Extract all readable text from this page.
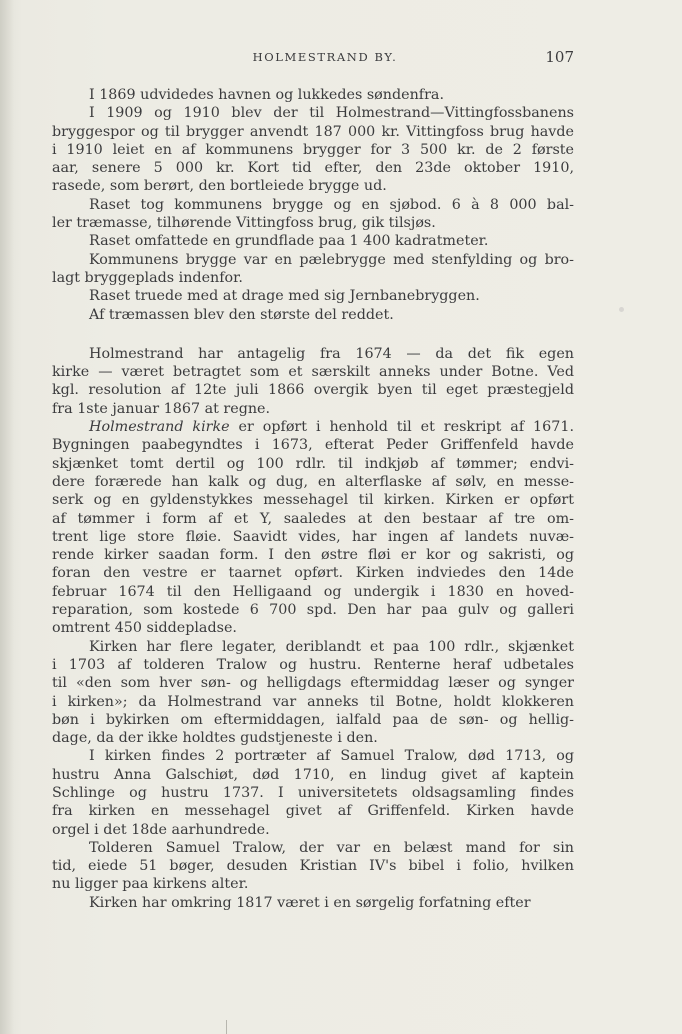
HOLMESTRAND BY.	107
I 1869 udvidedes havnen og lukkedes søndenfra.
I 1909 og 1910 blev der til Holmestrand—Vittingfossbanens
bryggespor og til brygger anvendt 187 000 kr. Vittingfoss brug havde
i 1910 leiet en af kommunens brygger for 3 500 kr. de 2 første
aar, senere 5 000 kr. Kort tid efter, den 23de oktober 1910,
rasede, som berørt, den bortleiede brygge ud.
Raset tog kommunens brygge og en sjøbod. 6 à 8 000 bal-
ler træmasse, tilhørende Vittingfoss brug, gik tilsjøs.
Raset omfattede en grundflade paa 1 400 kadratmeter.
Kommunens brygge var en pælebrygge med stenfylding og bro-
lagt bryggeplads indenfor.
Raset truede med at drage med sig Jernbanebryggen.
Af træmassen blev den største del reddet.
Holmestrand har antagelig fra 1674 — da det fik egen
kirke — været betragtet som et særskilt anneks under Botne. Ved
kgl. resolution af 12te juli 1866 overgik byen til eget præstegjeld
fra 1ste januar 1867 at regne.
Holmestrand kirke er opført i henhold til et reskript af 1671.
Bygningen paabegyndtes i 1673, efterat Peder Griffenfeld havde
skjænket tomt dertil og 100 rdlr. til indkjøb af tømmer; endvi-
dere forærede han kalk og dug, en alterflaske af sølv, en messe-
serk og en gyldenstykkes messehagel til kirken. Kirken er opført
af tømmer i form af et Y, saaledes at den bestaar af tre om-
trent lige store fløie. Saavidt vides, har ingen af landets nuvæ-
rende kirker saadan form. I den østre fløi er kor og sakristi, og
foran den vestre er taarnet opført. Kirken indviedes den 14de
februar 1674 til den Helligaand og undergik i 1830 en hoved-
reparation, som kostede 6 700 spd. Den har paa gulv og galleri
omtrent 450 siddepladse.
Kirken har flere legater, deriblandt et paa 100 rdlr., skjænket
i 1703 af tolderen Tralow og hustru. Renterne heraf udbetales
til «den som hver søn- og helligdags eftermiddag læser og synger
i kirken»; da Holmestrand var anneks til Botne, holdt klokkeren
bøn i bykirken om eftermiddagen, ialfald paa de søn- og hellig-
dage, da der ikke holdtes gudstjeneste i den.
I kirken findes 2 portræter af Samuel Tralow, død 1713, og
hustru Anna Galschiøt, død 1710, en lindug givet af kaptein
Schlinge og hustru 1737. I universitetets oldsagsamling findes
fra kirken en messehagel givet af Griffenfeld. Kirken havde
orgel i det 18de aarhundrede.
Tolderen Samuel Tralow, der var en belæst mand for sin
tid, eiede 51 bøger, desuden Kristian IV's bibel i folio, hvilken
nu ligger paa kirkens alter.
Kirken har omkring 1817 været i en sørgelig forfatning efter
